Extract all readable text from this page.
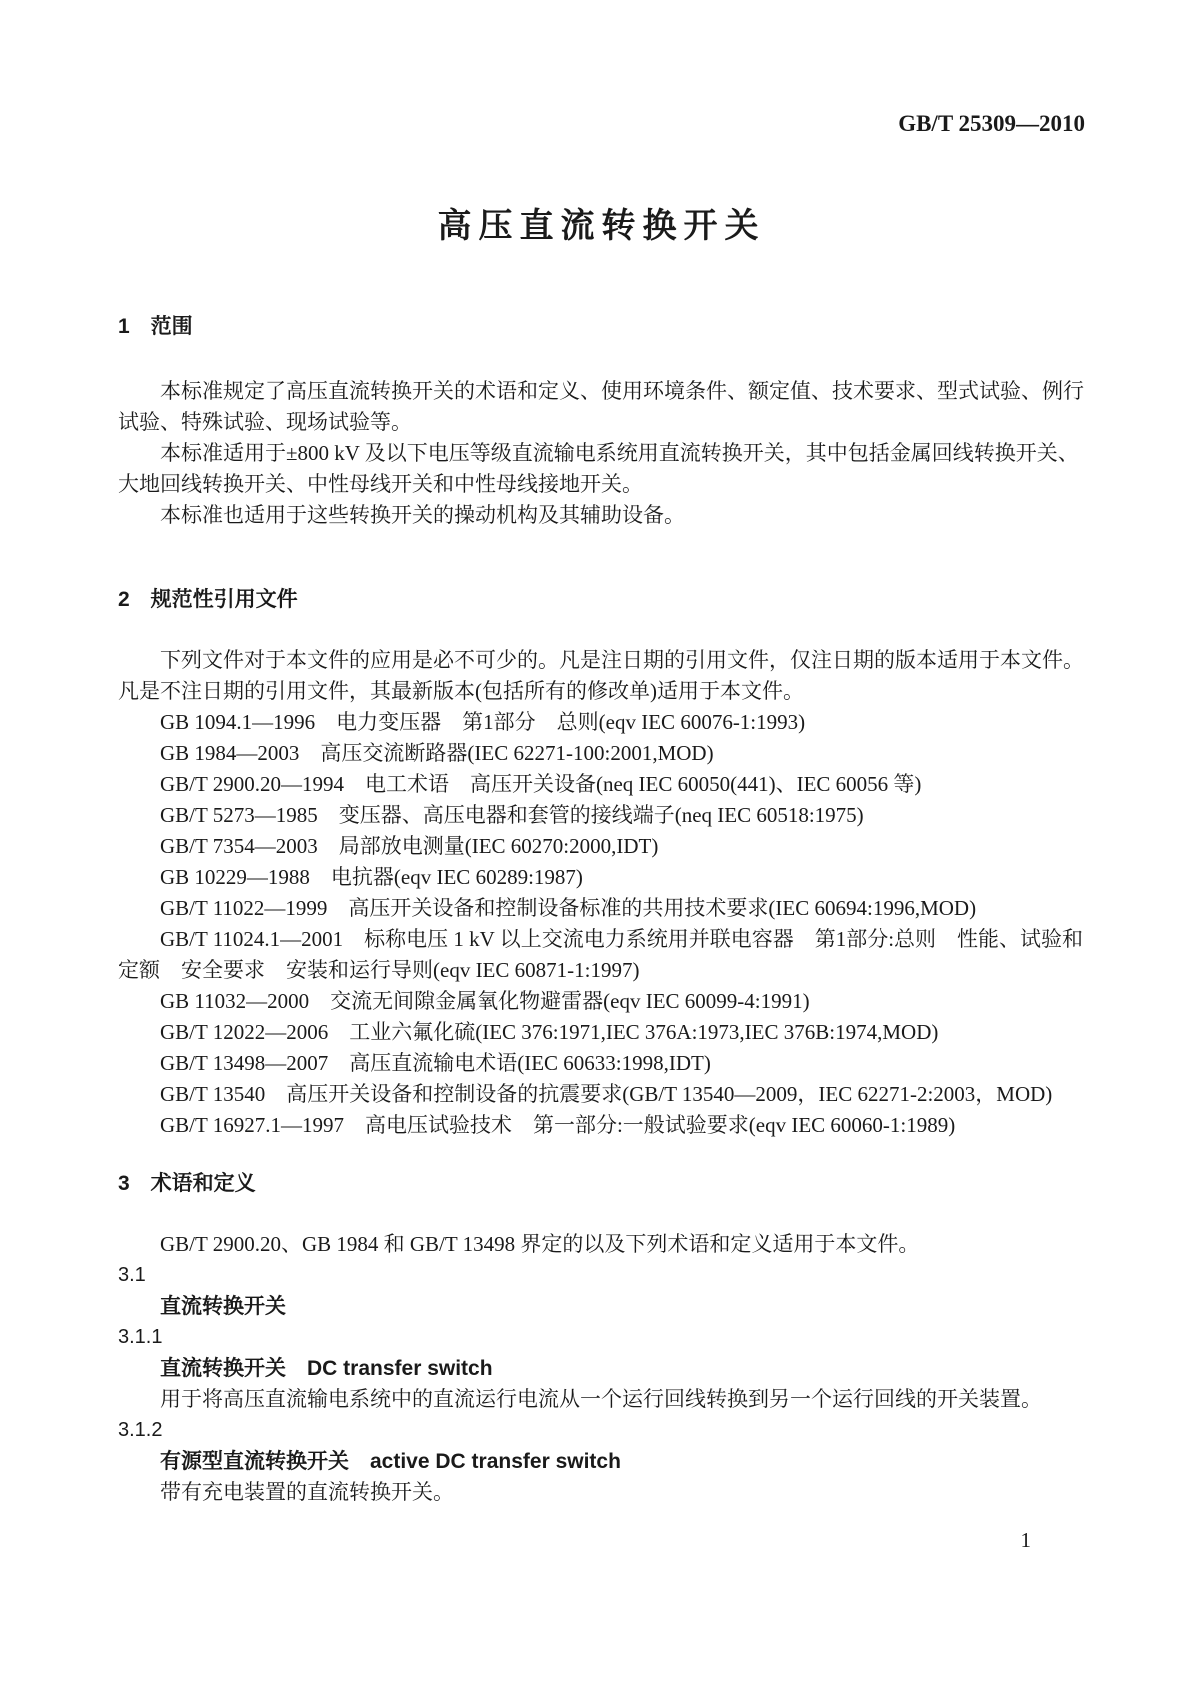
GB/T 25309—2010
高压直流转换开关
1　范围

本标准规定了高压直流转换开关的术语和定义、使用环境条件、额定值、技术要求、型式试验、例行试验、特殊试验、现场试验等。

本标准适用于±800 kV 及以下电压等级直流输电系统用直流转换开关，其中包括金属回线转换开关、大地回线转换开关、中性母线开关和中性母线接地开关。

本标准也适用于这些转换开关的操动机构及其辅助设备。

2　规范性引用文件

下列文件对于本文件的应用是必不可少的。凡是注日期的引用文件，仅注日期的版本适用于本文件。凡是不注日期的引用文件，其最新版本(包括所有的修改单)适用于本文件。

GB 1094.1—1996　电力变压器　第1部分　总则(eqv IEC 60076-1:1993)

GB 1984—2003　高压交流断路器(IEC 62271-100:2001,MOD)

GB/T 2900.20—1994　电工术语　高压开关设备(neq IEC 60050(441)、IEC 60056 等)

GB/T 5273—1985　变压器、高压电器和套管的接线端子(neq IEC 60518:1975)

GB/T 7354—2003　局部放电测量(IEC 60270:2000,IDT)

GB 10229—1988　电抗器(eqv IEC 60289:1987)

GB/T 11022—1999　高压开关设备和控制设备标准的共用技术要求(IEC 60694:1996,MOD)

GB/T 11024.1—2001　标称电压 1 kV 以上交流电力系统用并联电容器　第1部分:总则　性能、试验和定额　安全要求　安装和运行导则(eqv IEC 60871-1:1997)

GB 11032—2000　交流无间隙金属氧化物避雷器(eqv IEC 60099-4:1991)

GB/T 12022—2006　工业六氟化硫(IEC 376:1971,IEC 376A:1973,IEC 376B:1974,MOD)

GB/T 13498—2007　高压直流输电术语(IEC 60633:1998,IDT)

GB/T 13540　高压开关设备和控制设备的抗震要求(GB/T 13540—2009，IEC 62271-2:2003，MOD)

GB/T 16927.1—1997　高电压试验技术　第一部分:一般试验要求(eqv IEC 60060-1:1989)

3　术语和定义

GB/T 2900.20、GB 1984 和 GB/T 13498 界定的以及下列术语和定义适用于本文件。

3.1

直流转换开关

3.1.1

直流转换开关　DC transfer switch

用于将高压直流输电系统中的直流运行电流从一个运行回线转换到另一个运行回线的开关装置。

3.1.2

有源型直流转换开关　active DC transfer switch

带有充电装置的直流转换开关。

1
